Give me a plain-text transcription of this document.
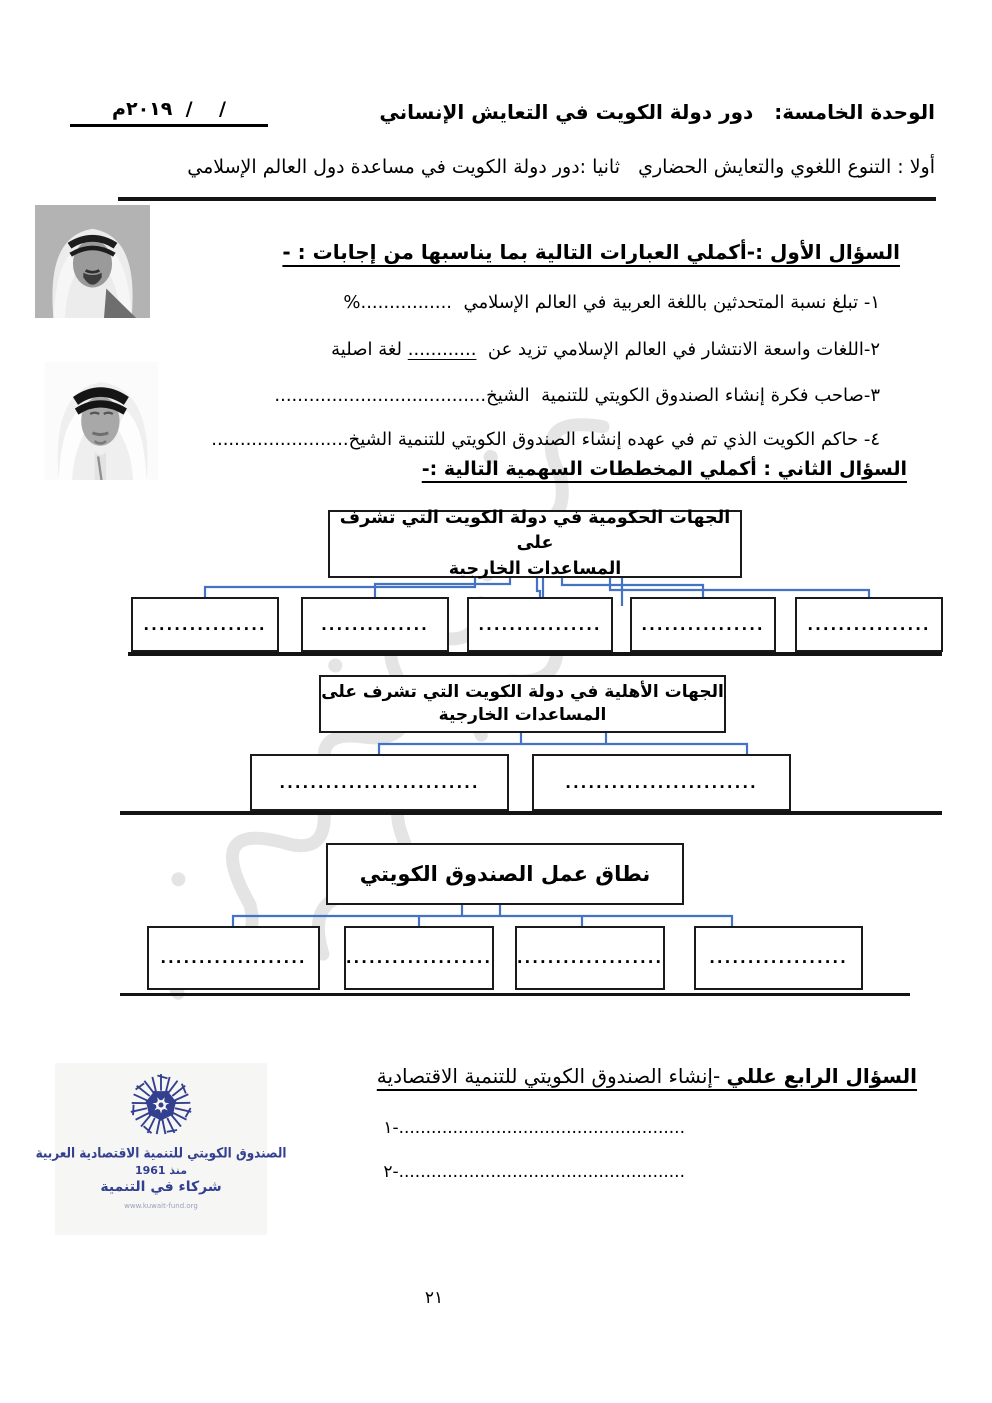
/    /  ٢٠١٩م	الوحدة الخامسة:   دور دولة الكويت في التعايش الإنساني
أولا : التنوع اللغوي والتعايش الحضاري   ثانيا :دور دولة الكويت في مساعدة دول العالم الإسلامي
السؤال الأول :-أكملي العبارات التالية بما يناسبها من إجابات : -
١- تبلغ نسبة المتحدثين باللغة العربية في العالم الإسلامي  ................%
٢-اللغات واسعة الانتشار في العالم الإسلامي تزيد عن  ............ لغة اصلية
٣-صاحب فكرة إنشاء الصندوق الكويتي للتنمية  الشيخ.....................................
٤- حاكم الكويت الذي تم في عهده إنشاء الصندوق الكويتي للتنمية الشيخ........................
السؤال الثاني : أكملي المخططات السهمية التالية :-
الجهات الحكومية في دولة الكويت التي تشرف على
المساعدات الخارجية
................	..............	................	................	................
الجهات الأهلية في دولة الكويت التي تشرف على
المساعدات الخارجية
..........................	.........................
نطاق عمل الصندوق الكويتي
...................	................... ...................	..................
السؤال الرابع عللي -إنشاء الصندوق الكويتي للتنمية الاقتصادية
١-.....................................................
٢-.....................................................
الصندوق الكويتي للتنمية الاقتصادية العربية
منذ 1961
شركاء في التنمية
www.kuwait-fund.org
٢١
